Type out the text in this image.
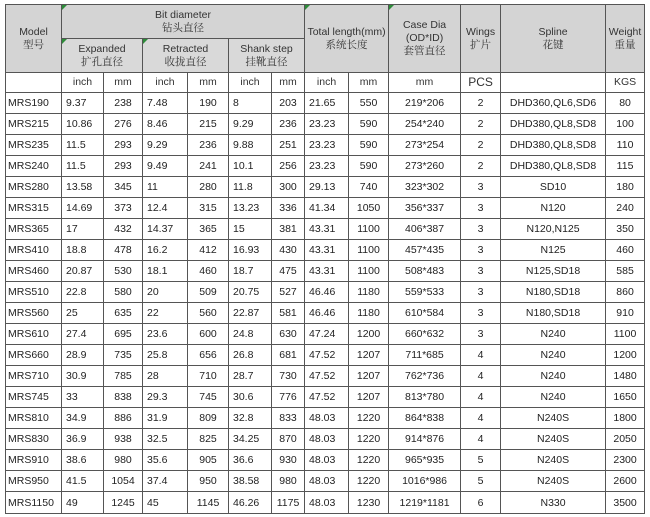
Model
型号	Bit diameter
钻头直径						Total length(mm)
系统长度		Case Dia (OD*ID)
套管直径	Wings
扩片	Spline
花键	Weight
重量

	Expanded
扩孔直径		Retracted
收拢直径		Shank step
挂靴直径							

	inch	mm	inch	mm	inch	mm	inch	mm	mm	PCS		KGS
MRS190	9.37	238	7.48	190	8	203	21.65	550	219*206	2	DHD360,QL6,SD6	80
MRS215	10.86	276	8.46	215	9.29	236	23.23	590	254*240	2	DHD380,QL8,SD8	100
MRS235	11.5	293	9.29	236	9.88	251	23.23	590	273*254	2	DHD380,QL8,SD8	110
MRS240	11.5	293	9.49	241	10.1	256	23.23	590	273*260	2	DHD380,QL8,SD8	115
MRS280	13.58	345	11	280	11.8	300	29.13	740	323*302	3	SD10	180
MRS315	14.69	373	12.4	315	13.23	336	41.34	1050	356*337	3	N120	240
MRS365	17	432	14.37	365	15	381	43.31	1100	406*387	3	N120,N125	350
MRS410	18.8	478	16.2	412	16.93	430	43.31	1100	457*435	3	N125	460
MRS460	20.87	530	18.1	460	18.7	475	43.31	1100	508*483	3	N125,SD18	585
MRS510	22.8	580	20	509	20.75	527	46.46	1180	559*533	3	N180,SD18	860
MRS560	25	635	22	560	22.87	581	46.46	1180	610*584	3	N180,SD18	910
MRS610	27.4	695	23.6	600	24.8	630	47.24	1200	660*632	3	N240	1100
MRS660	28.9	735	25.8	656	26.8	681	47.52	1207	711*685	4	N240	1200
MRS710	30.9	785	28	710	28.7	730	47.52	1207	762*736	4	N240	1480
MRS745	33	838	29.3	745	30.6	776	47.52	1207	813*780	4	N240	1650
MRS810	34.9	886	31.9	809	32.8	833	48.03	1220	864*838	4	N240S	1800
MRS830	36.9	938	32.5	825	34.25	870	48.03	1220	914*876	4	N240S	2050
MRS910	38.6	980	35.6	905	36.6	930	48.03	1220	965*935	5	N240S	2300
MRS950	41.5	1054	37.4	950	38.58	980	48.03	1220	1016*986	5	N240S	2600
MRS1150	49	1245	45	1145	46.26	1175	48.03	1230	1219*1181	6	N330	3500
